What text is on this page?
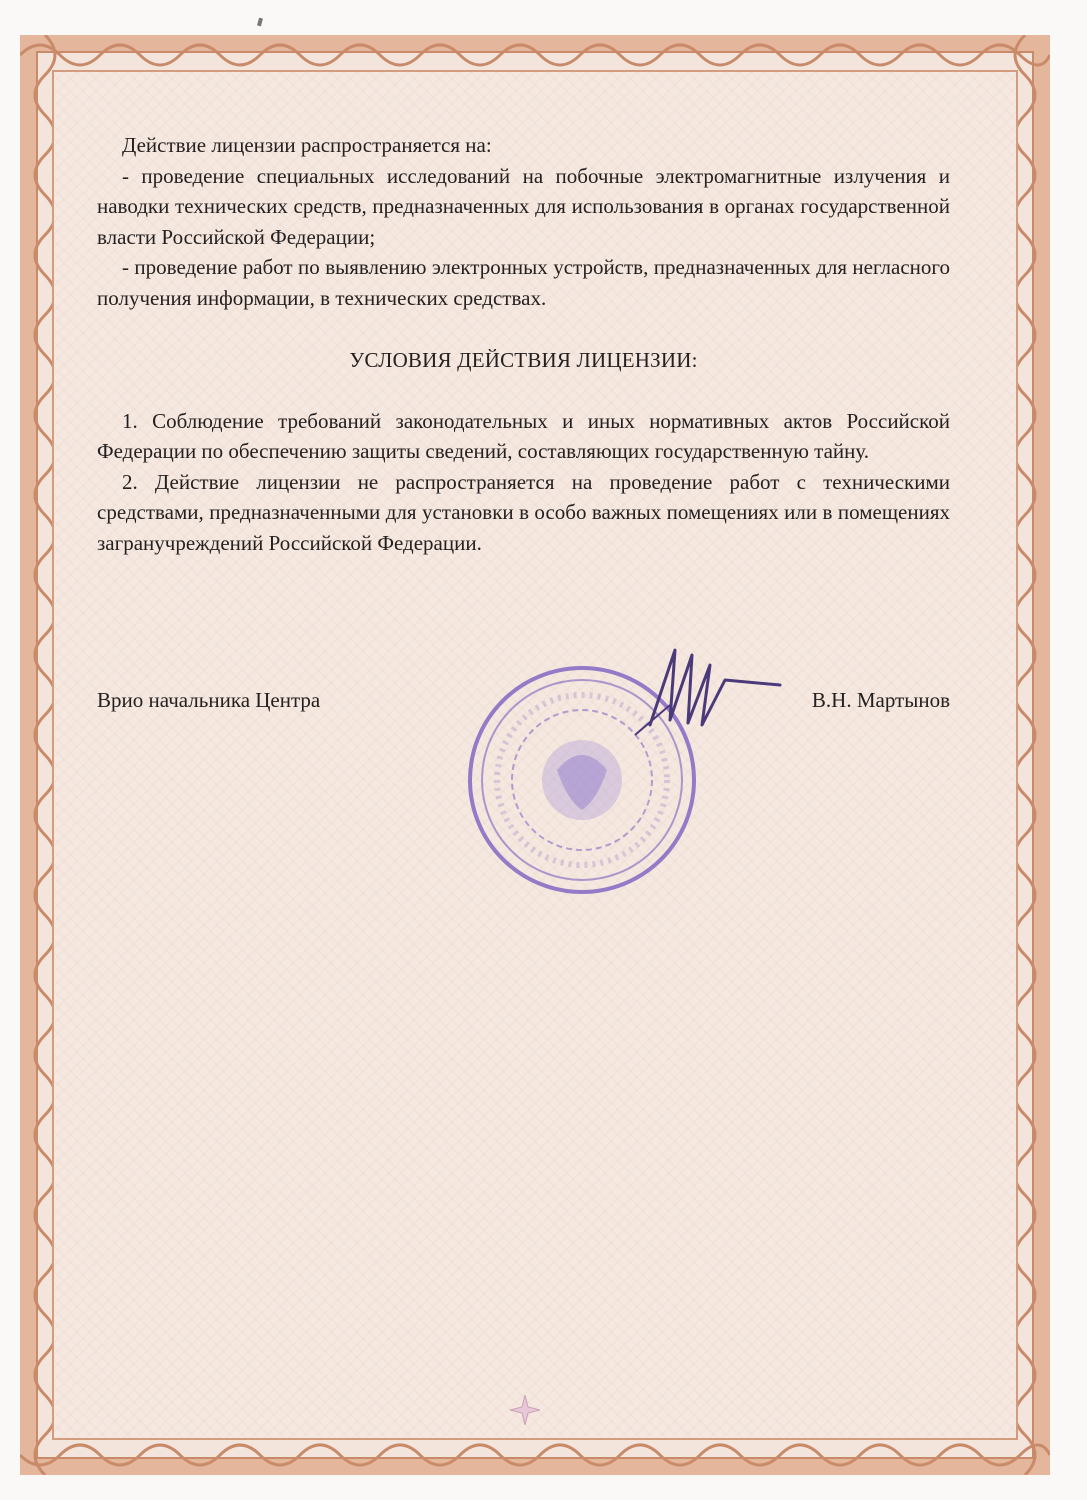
Действие лицензии распространяется на:

- проведение специальных исследований на побочные электромагнитные излучения и наводки технических средств, предназначенных для использования в органах государственной власти Российской Федерации;

- проведение работ по выявлению электронных устройств, предназначенных для негласного получения информации, в технических средствах.

УСЛОВИЯ ДЕЙСТВИЯ ЛИЦЕНЗИИ:

1. Соблюдение требований законодательных и иных нормативных актов Российской Федерации по обеспечению защиты сведений, составляющих государственную тайну.

2. Действие лицензии не распространяется на проведение работ с техническими средствами, предназначенными для установки в особо важных помещениях или в помещениях загранучреждений Российской Федерации.

Врио начальника Центра	В.Н. Мартынов
